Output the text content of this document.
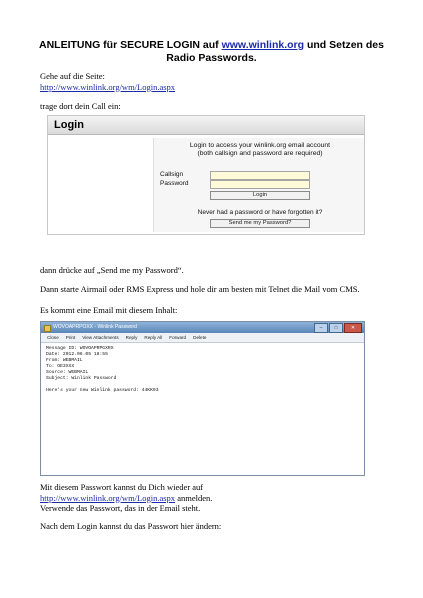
ANLEITUNG für SECURE LOGIN auf www.winlink.org und Setzen des Radio Passwords.

Gehe auf die Seite:
http://www.winlink.org/wm/Login.aspx

trage dort dein Call ein:

Login
Login to access your winlink.org email account
(both callsign and password are required)
Callsign
Password
Login
Never had a password or have forgotten it?
Send me my Password?

dann drücke auf „Send me my Password“.

Dann starte Airmail oder RMS Express und hole dir am besten mit Telnet die Mail vom CMS.

Es kommt eine Email mit diesem Inhalt:

WOVOAPRPOXX - Winlink Password	–	□	✕
Close Print View Attachments Reply Reply All Forward Delete
Message ID: WOVOAPRPGXRX
Date: 2012.06.05 18:55
From: WEBMAIL
To: OE3XXX
Source: WEBMAIL
Subject: Winlink Password
Here's your new Winlink password: 44KK93

Mit diesem Passwort kannst du Dich wieder auf
http://www.winlink.org/wm/Login.aspx anmelden.
Verwende das Passwort, das in der Email steht.

Nach dem Login kannst du das Passwort hier ändern:
